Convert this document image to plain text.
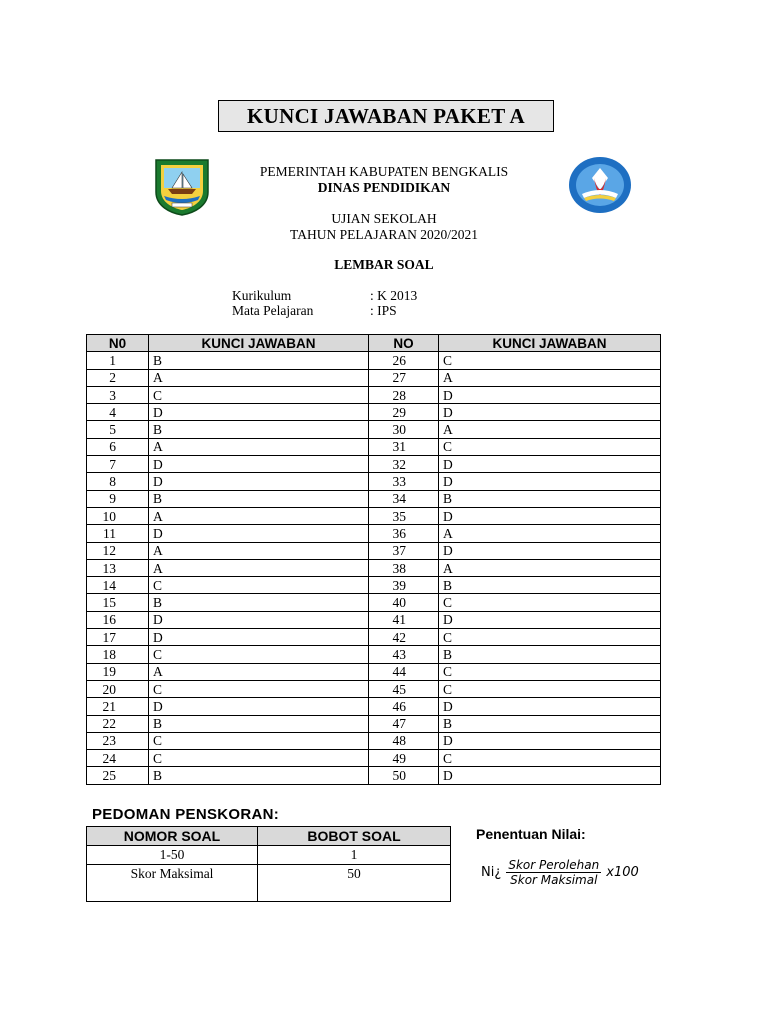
KUNCI JAWABAN PAKET A
PEMERINTAH KABUPATEN BENGKALIS
DINAS PENDIDIKAN
UJIAN SEKOLAH
TAHUN PELAJARAN 2020/2021
LEMBAR SOAL
Kurikulum	: K 2013
Mata Pelajaran	: IPS
N0	KUNCI JAWABAN	NO	KUNCI JAWABAN
1	B	26	C
2	A	27	A
3	C	28	D
4	D	29	D
5	B	30	A
6	A	31	C
7	D	32	D
8	D	33	D
9	B	34	B
10	A	35	D
11	D	36	A
12	A	37	D
13	A	38	A
14	C	39	B
15	B	40	C
16	D	41	D
17	D	42	C
18	C	43	B
19	A	44	C
20	C	45	C
21	D	46	D
22	B	47	B
23	C	48	D
24	C	49	C
25	B	50	D
PEDOMAN PENSKORAN:
NOMOR SOAL	BOBOT SOAL
1-50	1
Skor Maksimal	50
Penentuan Nilai:
Ni¿ $\frac{\text{Skor Perolehan}}{\text{Skor Maksimal}} x100$
